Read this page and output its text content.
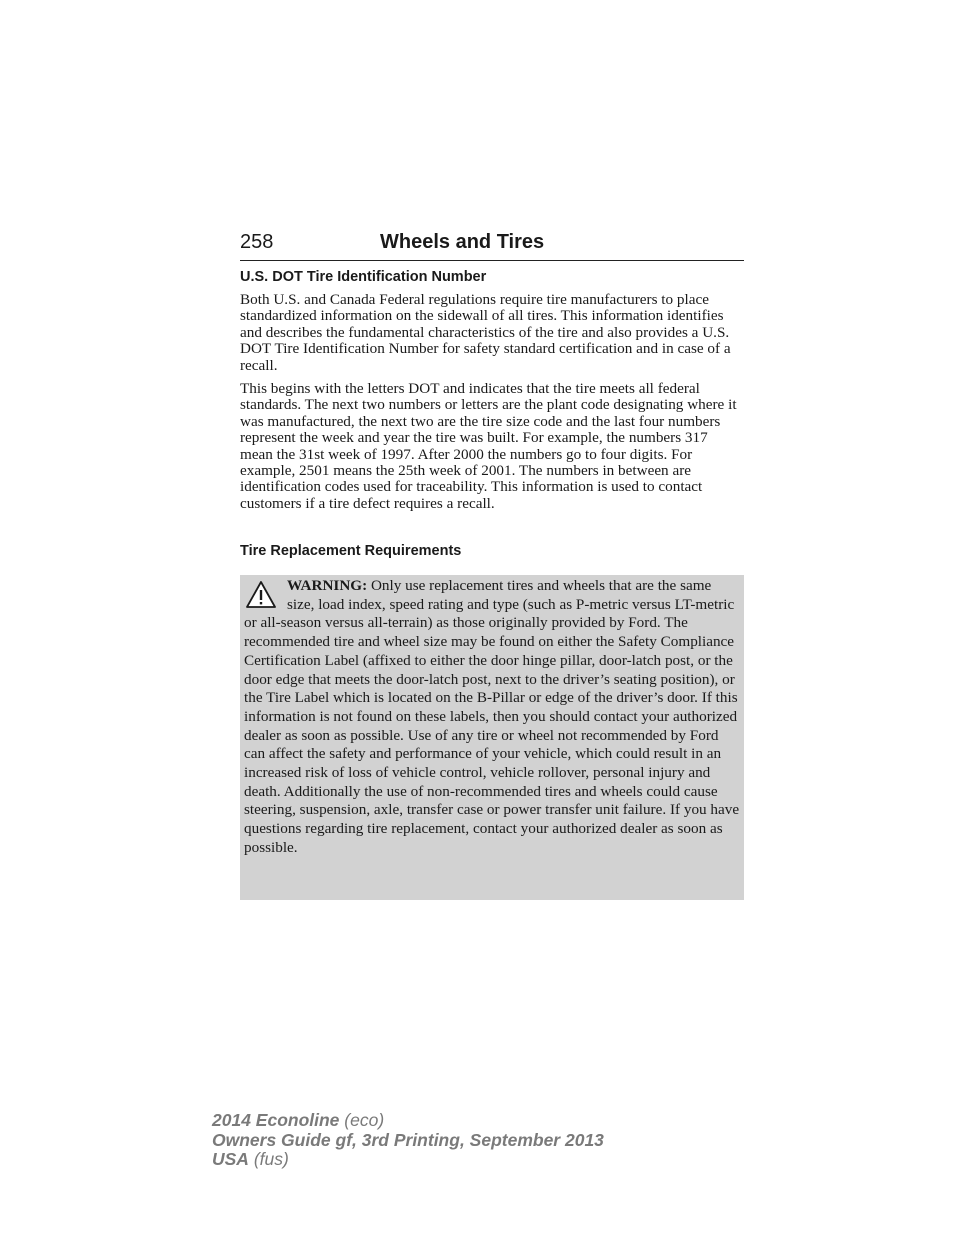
258	Wheels and Tires
U.S. DOT Tire Identification Number

Both U.S. and Canada Federal regulations require tire manufacturers to place standardized information on the sidewall of all tires. This information identifies and describes the fundamental characteristics of the tire and also provides a U.S. DOT Tire Identification Number for safety standard certification and in case of a recall.

This begins with the letters DOT and indicates that the tire meets all federal standards. The next two numbers or letters are the plant code designating where it was manufactured, the next two are the tire size code and the last four numbers represent the week and year the tire was built. For example, the numbers 317 mean the 31st week of 1997. After 2000 the numbers go to four digits. For example, 2501 means the 25th week of 2001. The numbers in between are identification codes used for traceability. This information is used to contact customers if a tire defect requires a recall.

Tire Replacement Requirements

WARNING: Only use replacement tires and wheels that are the same size, load index, speed rating and type (such as P-metric versus LT-metric or all-season versus all-terrain) as those originally provided by Ford. The recommended tire and wheel size may be found on either the Safety Compliance Certification Label (affixed to either the door hinge pillar, door-latch post, or the door edge that meets the door-latch post, next to the driver’s seating position), or the Tire Label which is located on the B-Pillar or edge of the driver’s door. If this information is not found on these labels, then you should contact your authorized dealer as soon as possible. Use of any tire or wheel not recommended by Ford can affect the safety and performance of your vehicle, which could result in an increased risk of loss of vehicle control, vehicle rollover, personal injury and death. Additionally the use of non-recommended tires and wheels could cause steering, suspension, axle, transfer case or power transfer unit failure. If you have questions regarding tire replacement, contact your authorized dealer as soon as possible.

2014 Econoline (eco)
Owners Guide gf, 3rd Printing, September 2013
USA (fus)
